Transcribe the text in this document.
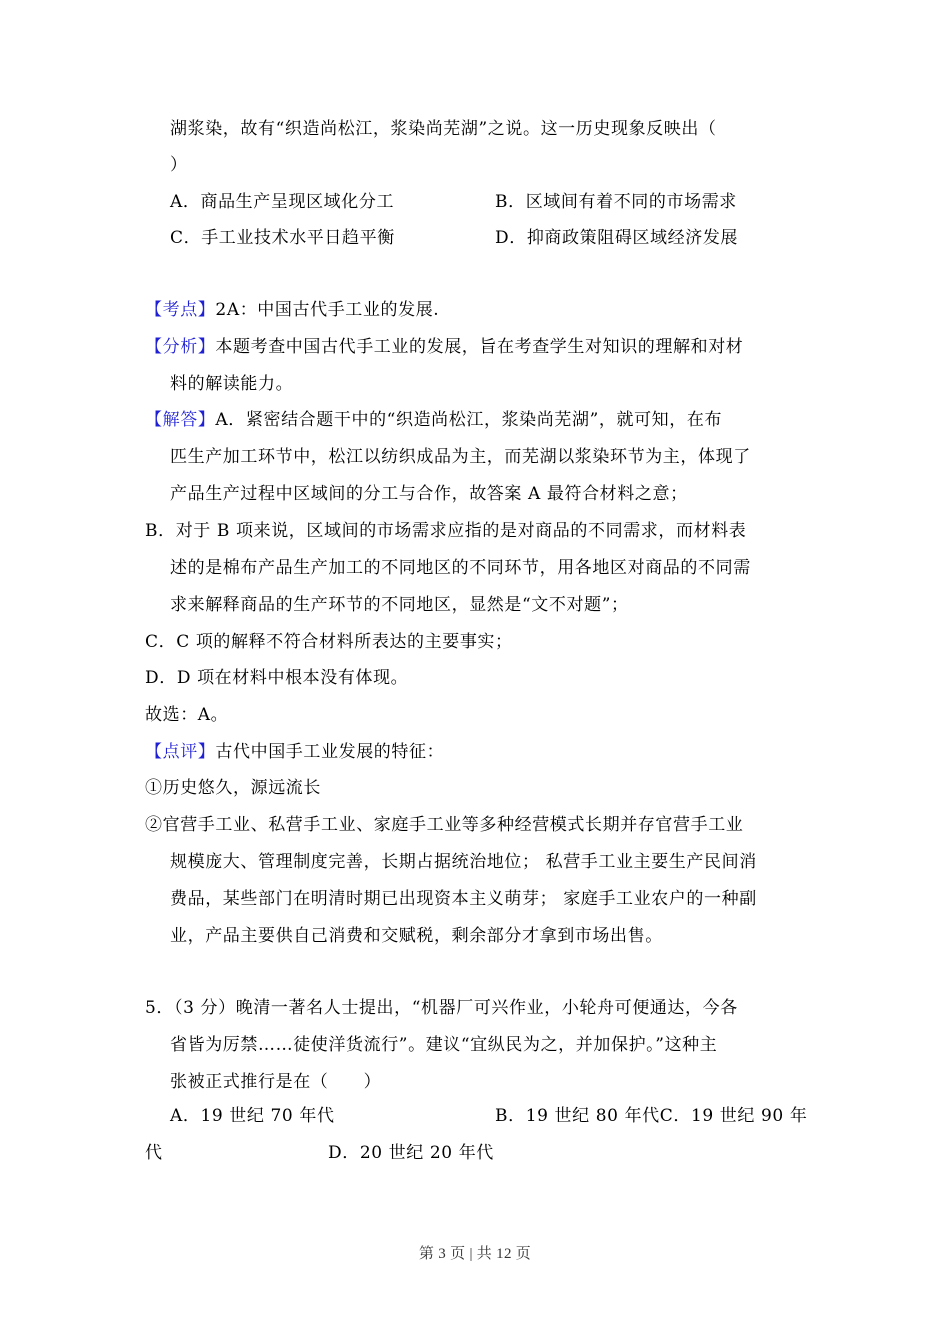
湖浆染，故有“织造尚松江，浆染尚芜湖”之说。这一历史现象反映出（
）
A．商品生产呈现区域化分工	B．区域间有着不同的市场需求
C．手工业技术水平日趋平衡	D．抑商政策阻碍区域经济发展
【考点】2A：中国古代手工业的发展.
【分析】本题考查中国古代手工业的发展，旨在考查学生对知识的理解和对材
料的解读能力。
【解答】A．紧密结合题干中的“织造尚松江，浆染尚芜湖”，就可知，在布
匹生产加工环节中，松江以纺织成品为主，而芜湖以浆染环节为主，体现了
产品生产过程中区域间的分工与合作，故答案 A 最符合材料之意；
B．对于 B 项来说，区域间的市场需求应指的是对商品的不同需求，而材料表
述的是棉布产品生产加工的不同地区的不同环节，用各地区对商品的不同需
求来解释商品的生产环节的不同地区，显然是“文不对题”；
C．C 项的解释不符合材料所表达的主要事实；
D．D 项在材料中根本没有体现。
故选：A。
【点评】古代中国手工业发展的特征：
①历史悠久，源远流长
②官营手工业、私营手工业、家庭手工业等多种经营模式长期并存官营手工业
规模庞大、管理制度完善，长期占据统治地位； 私营手工业主要生产民间消
费品，某些部门在明清时期已出现资本主义萌芽； 家庭手工业农户的一种副
业，产品主要供自己消费和交赋税，剩余部分才拿到市场出售。
5．（3 分）晚清一著名人士提出，“机器厂可兴作业，小轮舟可便通达，今各
省皆为厉禁……徒使洋货流行”。建议“宜纵民为之，并加保护。”这种主
张被正式推行是在（　　）
A．19 世纪 70 年代	B．19 世纪 80 年代C．19 世纪 90 年
代	D．20 世纪 20 年代
第 3 页 | 共 12 页
